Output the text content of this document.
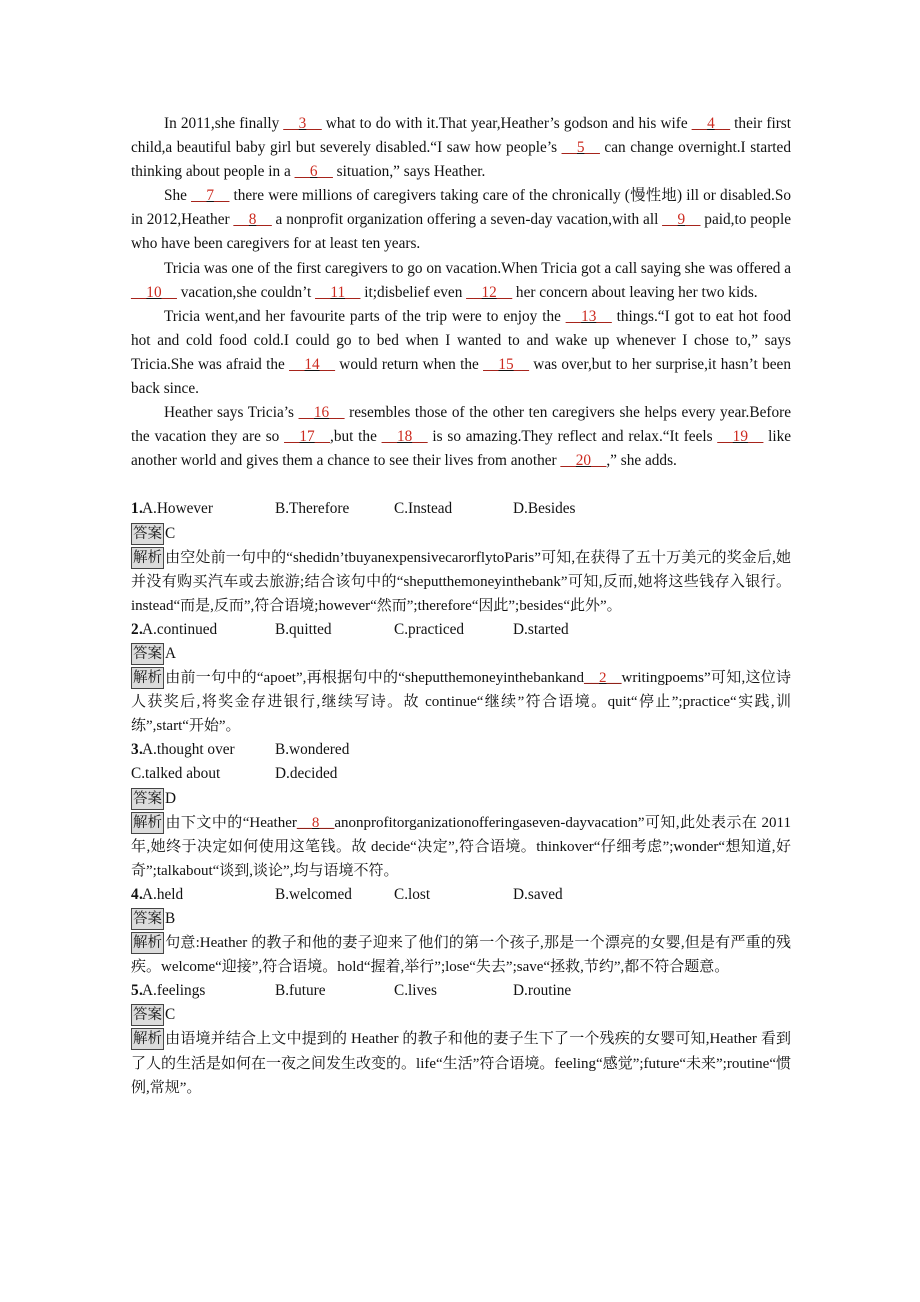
In 2011,she finally __3__ what to do with it.That year,Heather’s godson and his wife __4__ their first child,a beautiful baby girl but severely disabled.“I saw how people’s __5__ can change overnight.I started thinking about people in a __6__ situation,” says Heather.

She __7__ there were millions of caregivers taking care of the chronically (慢性地) ill or disabled.So in 2012,Heather __8__ a nonprofit organization offering a seven-day vacation,with all __9__ paid,to people who have been caregivers for at least ten years.

Tricia was one of the first caregivers to go on vacation.When Tricia got a call saying she was offered a __10__ vacation,she couldn’t __11__ it;disbelief even __12__ her concern about leaving her two kids.

Tricia went,and her favourite parts of the trip were to enjoy the __13__ things.“I got to eat hot food hot and cold food cold.I could go to bed when I wanted to and wake up whenever I chose to,” says Tricia.She was afraid the __14__ would return when the __15__ was over,but to her surprise,it hasn’t been back since.

Heather says Tricia’s __16__ resembles those of the other ten caregivers she helps every year.Before the vacation they are so __17__,but the __18__ is so amazing.They reflect and relax.“It feels __19__ like another world and gives them a chance to see their lives from another __20__,” she adds.

1 . A.However	B.Therefore	C.Instead	D.Besides
答案 C

解析 由空处前一句中的“shedidn’tbuyanexpensivecarorflytoParis”可知,在获得了五十万美元的奖金后,她并没有购买汽车或去旅游;结合该句中的“sheputthemoneyinthebank”可知,反而,她将这些钱存入银行。instead“而是,反而”,符合语境;however“然而”;therefore“因此”;besides“此外”。

2 . A.continued	B.quitted	C.practiced	D.started
答案 A

解析 由前一句中的“apoet”,再根据句中的“sheputthemoneyinthebankand__2__writingpoems”可知,这位诗人获奖后,将奖金存进银行,继续写诗。故 continue“继续”符合语境。quit“停止”;practice“实践,训练”,start“开始”。

3 . A.thought over	B.wondered
C.talked about	D.decided
答案 D

解析 由下文中的“Heather__8__anonprofitorganizationofferingaseven-dayvacation”可知,此处表示在 2011 年,她终于决定如何使用这笔钱。故 decide“决定”,符合语境。thinkover“仔细考虑”;wonder“想知道,好奇”;talkabout“谈到,谈论”,均与语境不符。

4 . A.held	B.welcomed	C.lost	D.saved
答案 B

解析 句意:Heather 的教子和他的妻子迎来了他们的第一个孩子,那是一个漂亮的女婴,但是有严重的残疾。welcome“迎接”,符合语境。hold“握着,举行”;lose“失去”;save“拯救,节约”,都不符合题意。

5 . A.feelings	B.future	C.lives	D.routine
答案 C

解析 由语境并结合上文中提到的 Heather 的教子和他的妻子生下了一个残疾的女婴可知,Heather 看到了人的生活是如何在一夜之间发生改变的。life“生活”符合语境。feeling“感觉”;future“未来”;routine“惯例,常规”。
